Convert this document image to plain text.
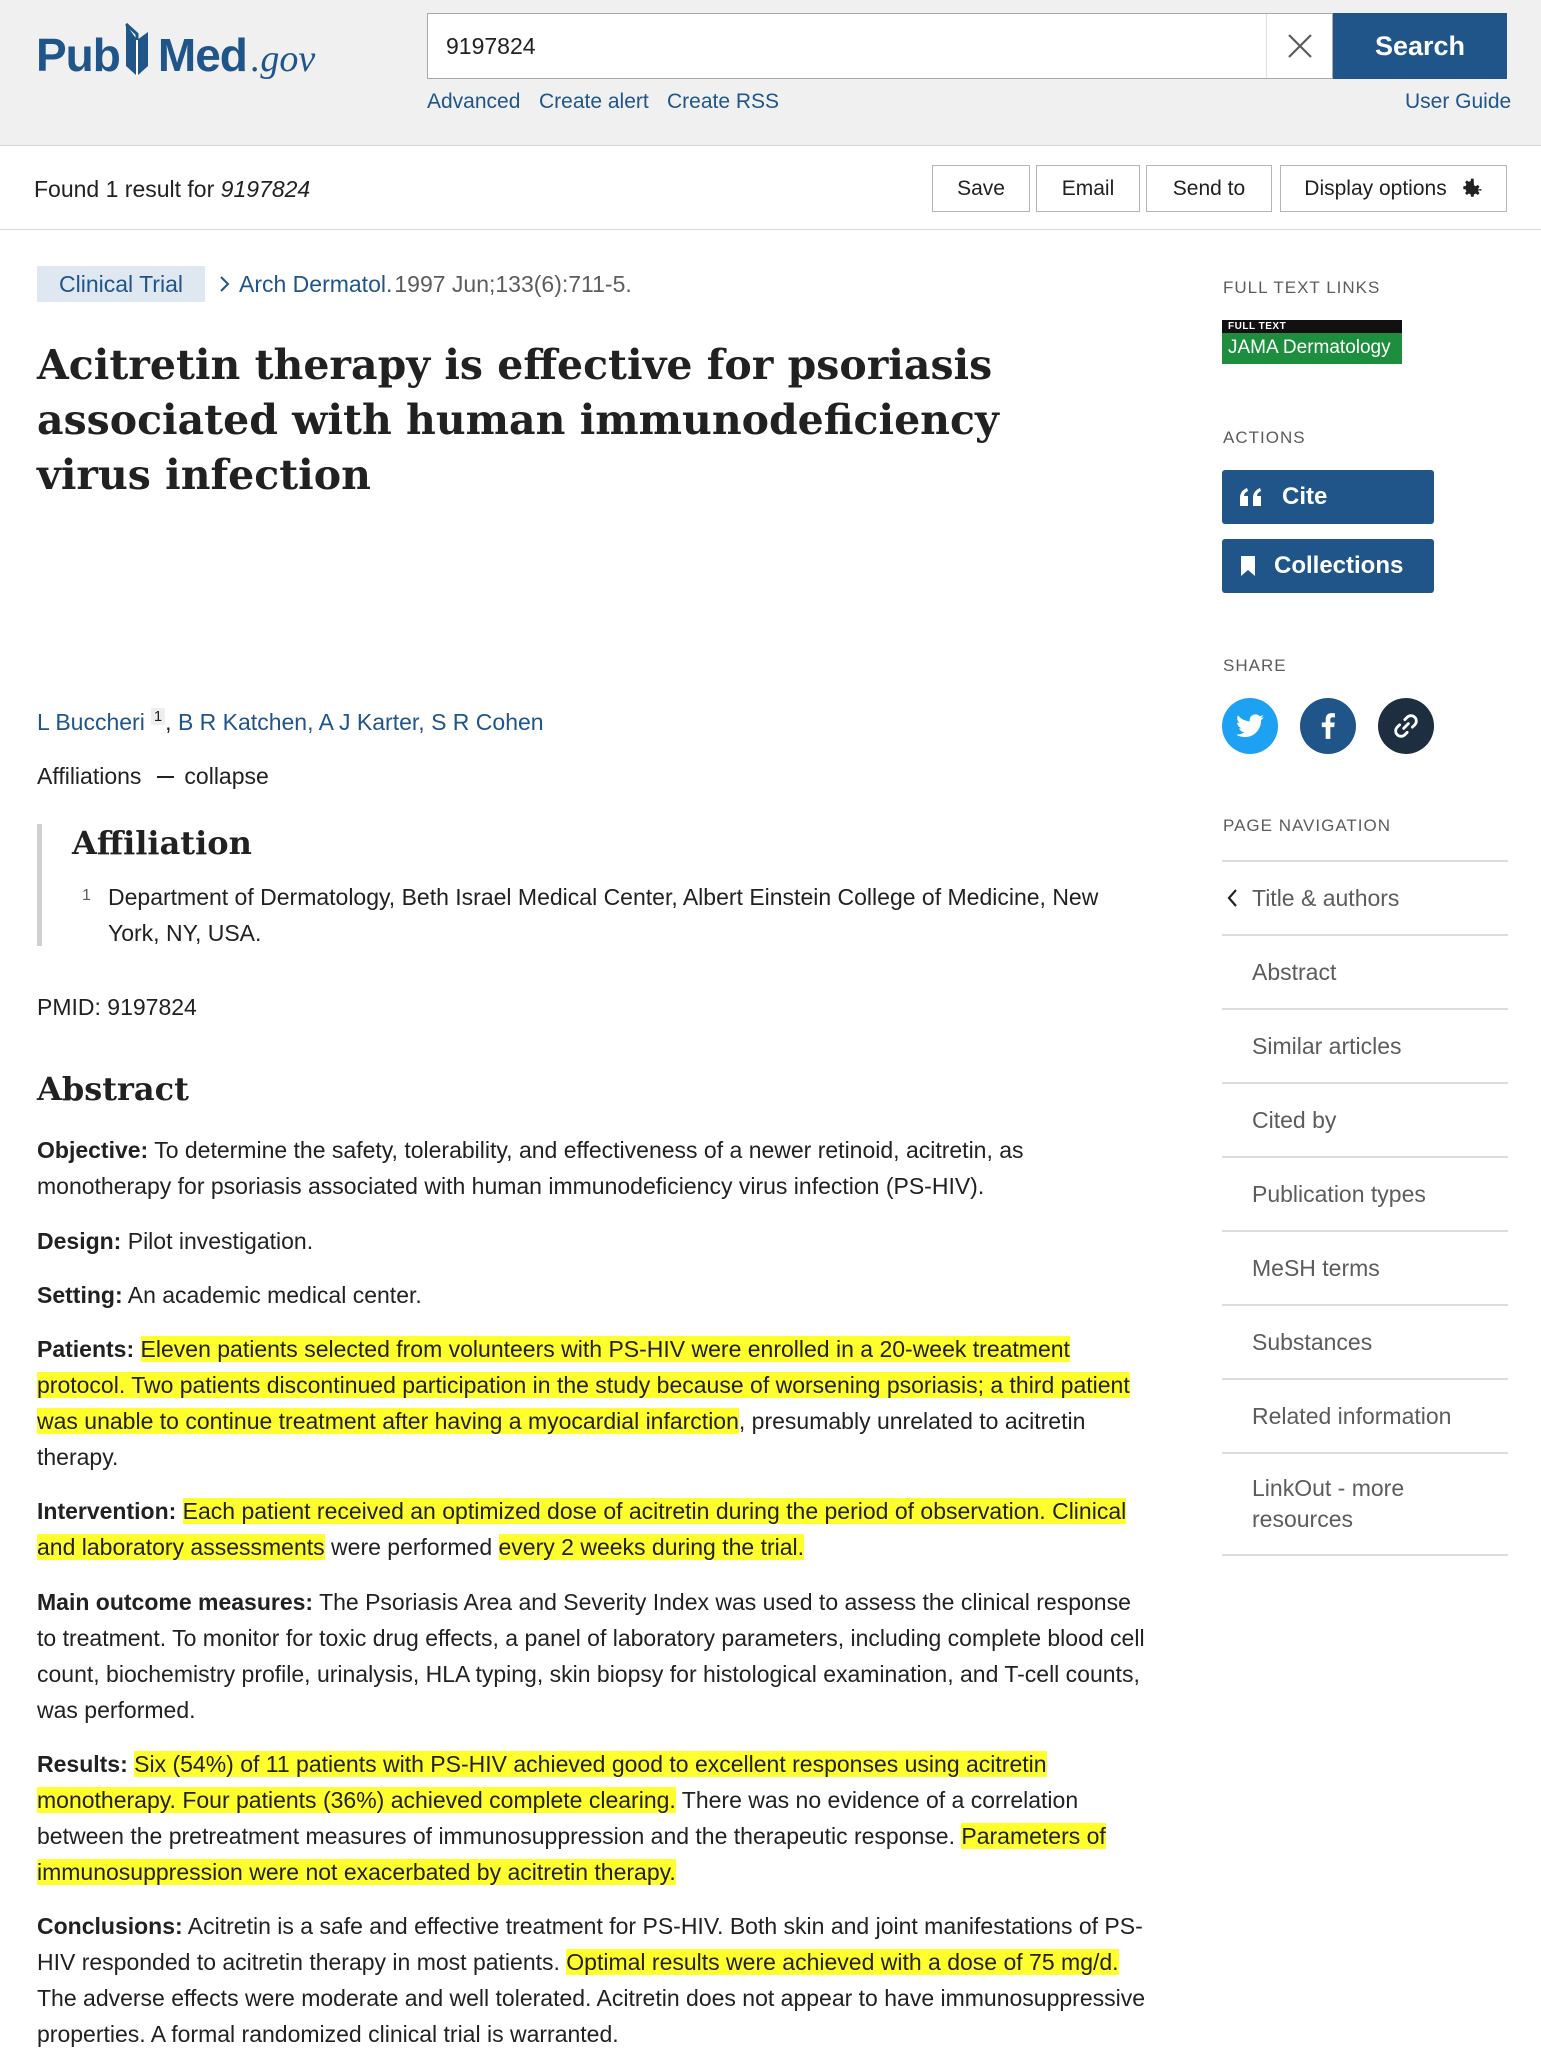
Pub Med .gov
9197824	Search
Advanced Create alert Create RSS	User Guide
Found 1 result for 9197824	Save	Email	Send to	Display options
Clinical Trial	Arch Dermatol. 1997 Jun;133(6):711-5.
Acitretin therapy is effective for psoriasis associated with human immunodeficiency virus infection
L Buccheri $^1$ , B R Katchen, A J Karter, S R Cohen
Affiliations collapse
Affiliation
1 Department of Dermatology, Beth Israel Medical Center, Albert Einstein College of Medicine, New York, NY, USA.
PMID: 9197824
Abstract

Objective: To determine the safety, tolerability, and effectiveness of a newer retinoid, acitretin, as monotherapy for psoriasis associated with human immunodeficiency virus infection (PS-HIV).

Design: Pilot investigation.

Setting: An academic medical center.

Patients: Eleven patients selected from volunteers with PS-HIV were enrolled in a 20-week treatment protocol. Two patients discontinued participation in the study because of worsening psoriasis; a third patient was unable to continue treatment after having a myocardial infarction, presumably unrelated to acitretin therapy.

Intervention: Each patient received an optimized dose of acitretin during the period of observation. Clinical and laboratory assessments were performed every 2 weeks during the trial.

Main outcome measures: The Psoriasis Area and Severity Index was used to assess the clinical response to treatment. To monitor for toxic drug effects, a panel of laboratory parameters, including complete blood cell count, biochemistry profile, urinalysis, HLA typing, skin biopsy for histological examination, and T-cell counts, was performed.

Results: Six (54%) of 11 patients with PS-HIV achieved good to excellent responses using acitretin monotherapy. Four patients (36%) achieved complete clearing. There was no evidence of a correlation between the pretreatment measures of immunosuppression and the therapeutic response. Parameters of immunosuppression were not exacerbated by acitretin therapy.

Conclusions: Acitretin is a safe and effective treatment for PS-HIV. Both skin and joint manifestations of PS-HIV responded to acitretin therapy in most patients. Optimal results were achieved with a dose of 75 mg/d. The adverse effects were moderate and well tolerated. Acitretin does not appear to have immunosuppressive properties. A formal randomized clinical trial is warranted.

FULL TEXT LINKS
FULL TEXT
JAMA Dermatology
ACTIONS
Cite
Collections
SHARE
PAGE NAVIGATION
Title & authors
Abstract
Similar articles
Cited by
Publication types
MeSH terms
Substances
Related information
LinkOut - more resources
